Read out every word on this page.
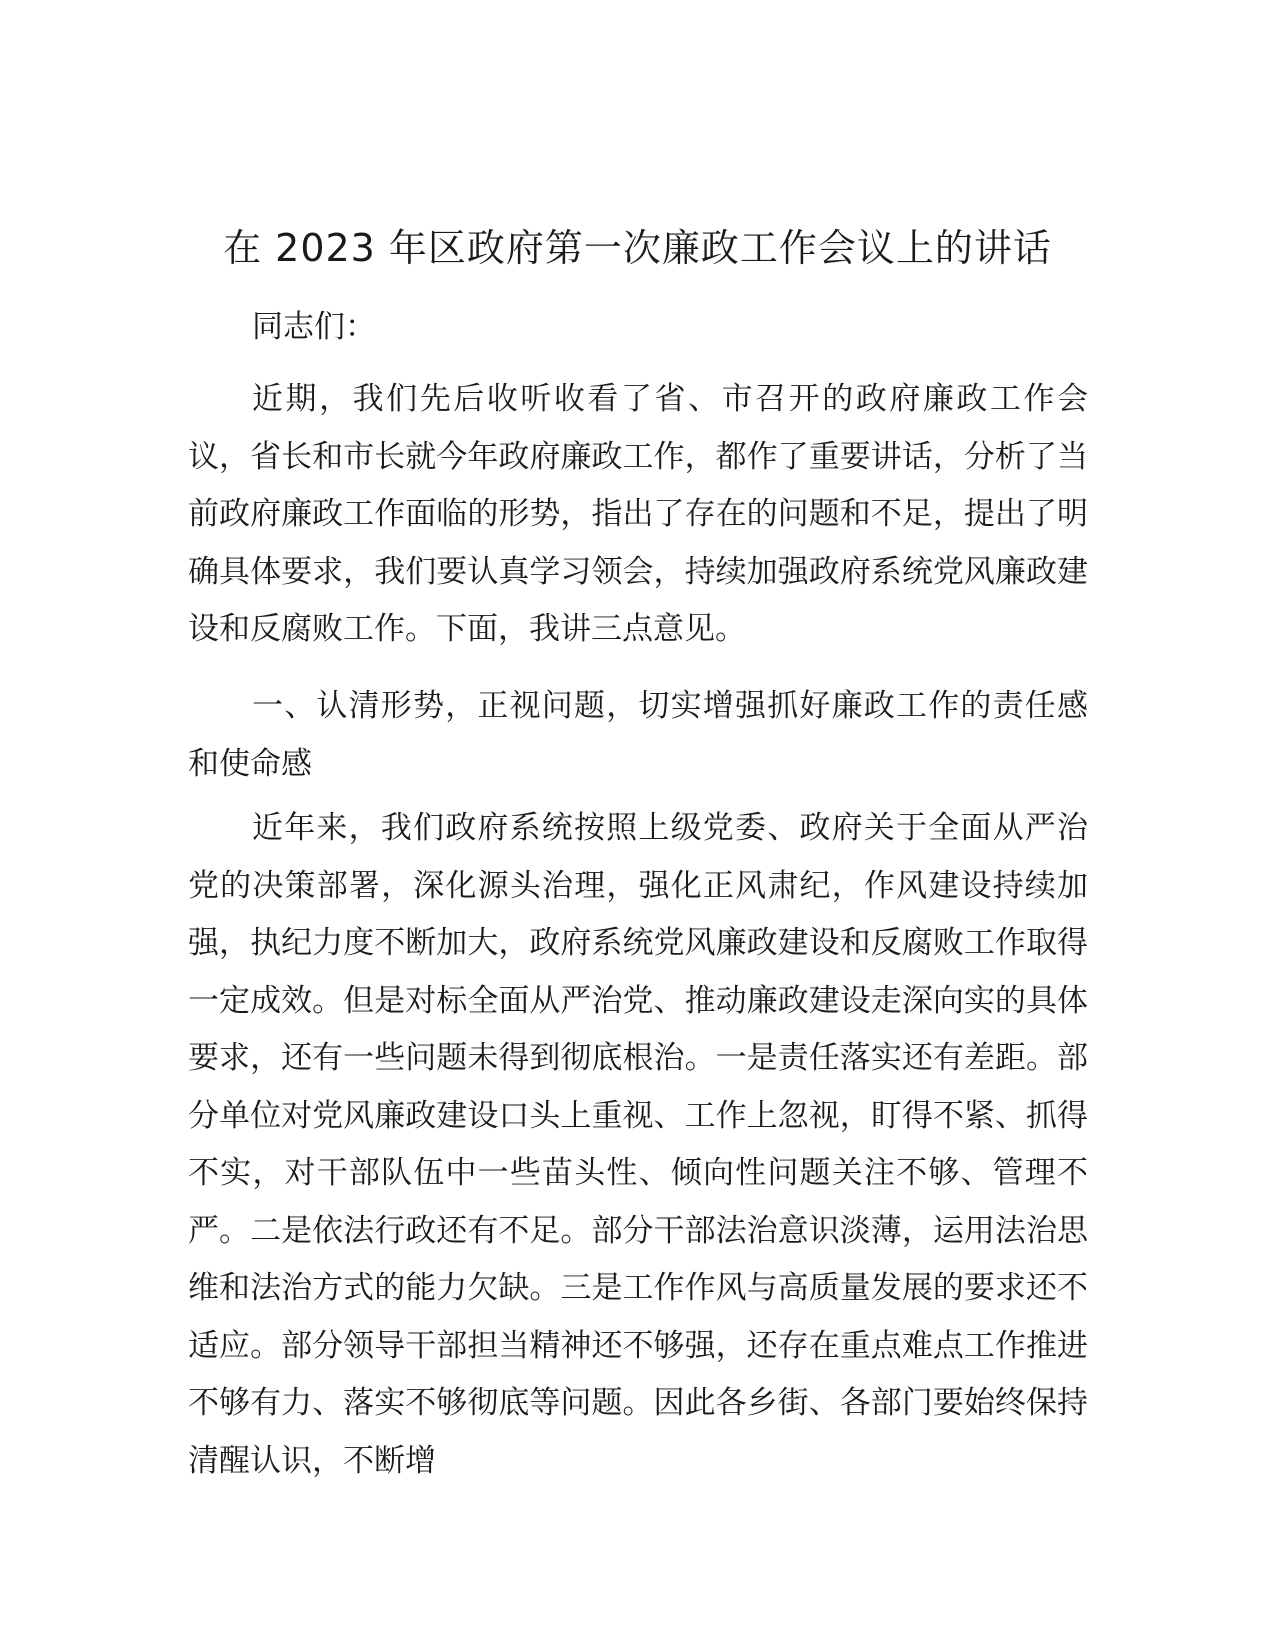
在 2023 年区政府第一次廉政工作会议上的讲话

同志们：

近期，我们先后收听收看了省、市召开的政府廉政工作会议，省长和市长就今年政府廉政工作，都作了重要讲话，分析了当前政府廉政工作面临的形势，指出了存在的问题和不足，提出了明确具体要求，我们要认真学习领会，持续加强政府系统党风廉政建设和反腐败工作。下面，我讲三点意见。

一、认清形势，正视问题，切实增强抓好廉政工作的责任感和使命感

近年来，我们政府系统按照上级党委、政府关于全面从严治党的决策部署，深化源头治理，强化正风肃纪，作风建设持续加强，执纪力度不断加大，政府系统党风廉政建设和反腐败工作取得一定成效。但是对标全面从严治党、推动廉政建设走深向实的具体要求，还有一些问题未得到彻底根治。一是责任落实还有差距。部分单位对党风廉政建设口头上重视、工作上忽视，盯得不紧、抓得不实，对干部队伍中一些苗头性、倾向性问题关注不够、管理不严。二是依法行政还有不足。部分干部法治意识淡薄，运用法治思维和法治方式的能力欠缺。三是工作作风与高质量发展的要求还不适应。部分领导干部担当精神还不够强，还存在重点难点工作推进不够有力、落实不够彻底等问题。因此各乡街、各部门要始终保持清醒认识，不断增
